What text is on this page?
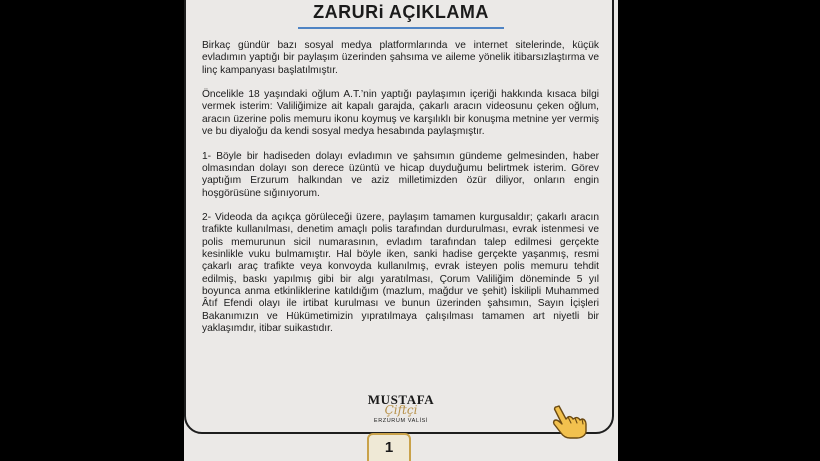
ZARURi AÇIKLAMA

Birkaç gündür bazı sosyal medya platformlarında ve internet sitelerinde, küçük evladımın yaptığı bir paylaşım üzerinden şahsıma ve aileme yönelik itibarsızlaştırma ve linç kampanyası başlatılmıştır.

Öncelikle 18 yaşındaki oğlum A.T.’nin yaptığı paylaşımın içeriği hakkında kısaca bilgi vermek isterim: Valiliğimize ait kapalı garajda, çakarlı aracın videosunu çeken oğlum, aracın üzerine polis memuru ikonu koymuş ve karşılıklı bir konuşma metnine yer vermiş ve bu diyaloğu da kendi sosyal medya hesabında paylaşmıştır.

1- Böyle bir hadiseden dolayı evladımın ve şahsımın gündeme gelmesinden, haber olmasından dolayı son derece üzüntü ve hicap duyduğumu belirtmek isterim. Görev yaptığım Erzurum halkından ve aziz milletimizden özür diliyor, onların engin hoşgörüsüne sığınıyorum.

2- Videoda da açıkça görüleceği üzere, paylaşım tamamen kurgusaldır; çakarlı aracın trafikte kullanılması, denetim amaçlı polis tarafından durdurulması, evrak istenmesi ve polis memurunun sicil numarasının, evladım tarafından talep edilmesi gerçekte kesinlikle vuku bulmamıştır. Hal böyle iken, sanki hadise gerçekte yaşanmış, resmi çakarlı araç trafikte veya konvoyda kullanılmış, evrak isteyen polis memuru tehdit edilmiş, baskı yapılmış gibi bir algı yaratılması, Çorum Valiliğim döneminde 5 yıl boyunca anma etkinliklerine katıldığım (mazlum, mağdur ve şehit) İskilipli Muhammed Âtıf Efendi olayı ile irtibat kurulması ve bunun üzerinden şahsımın, Sayın İçişleri Bakanımızın ve Hükümetimizin yıpratılmaya çalışılması tamamen art niyetli bir yaklaşımdır, itibar suikastıdır.

MUSTAFA
Çiftçi
ERZURUM VALİSİ
1
